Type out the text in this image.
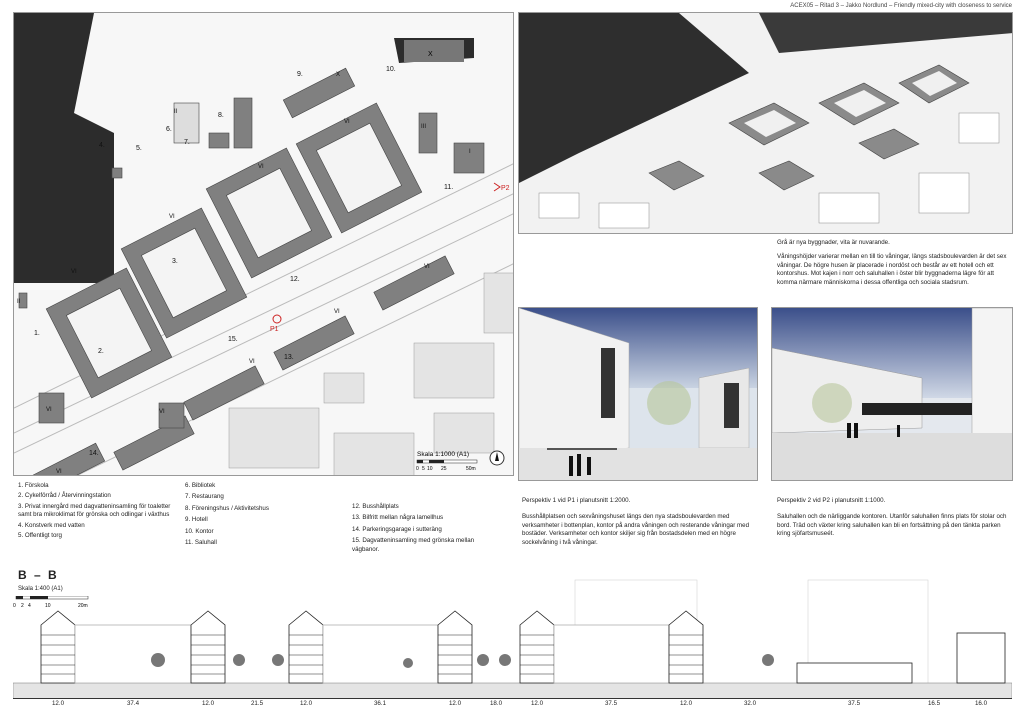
ACEX05 – Ritad 3 – Jakko Nordlund – Friendly mixed-city with closeness to service
X
1.
2.
3.
4.	5.
6.
7.
8.
9.
10.
11.
12.
13.
14.
15.
VI
VI
VI
VI
VI
VI
VI
VI
VI
VI
II
II
III
I
X
P1
P2
Skala 1:1000 (A1)
0 5 10 25	50m
1. Förskola
2. Cykelförråd / Återvinningstation
3. Privat innergård med dagvatteninsamling för toaletter samt bra mikroklimat för grönska och odlingar i växthus
4. Konstverk med vatten
5. Offentligt torg
6. Bibliotek
7. Restaurang
8. Föreningshus / Aktivitetshus
9. Hotell
10. Kontor
11. Saluhall
12. Busshållplats
13. Bilfritt mellan några lamellhus
14. Parkeringsgarage i sutteräng
15. Dagvatteninsamling med grönska mellan vägbanor.
Grå är nya byggnader, vita är nuvarande.
Våningshöjder varierar mellan en till tio våningar, längs stadsboulevarden är det sex våningar. De högre husen är placerade i nordöst och består av ett hotell och ett kontorshus. Mot kajen i norr och saluhallen i öster blir byggnaderna lägre för att komma närmare människorna i dessa offentliga och sociala stadsrum.
Perspektiv 1 vid P1 i planutsnitt 1:2000.
Busshållplatsen och sexvåningshuset längs den nya stadsboulevarden med verksamheter i bottenplan, kontor på andra våningen och resterande våningar med bostäder. Verksamheter och kontor skiljer sig från bostadsdelen med en högre sockelvåning i två våningar.
Perspektiv 2 vid P2 i planutsnitt 1:1000.
Saluhallen och de närliggande kontoren. Utanför saluhallen finns plats för stolar och bord. Träd och växter kring saluhallen kan bli en fortsättning på den tänkta parken kring sjöfartsmuseét.
B – B
Skala 1:400 (A1)
0 2 4	10	20m
12.0	37.4	12.0	21.5	12.0	36.1	12.0	18.0	12.0	37.5	12.0	32.0	37.5	16.5	16.0
